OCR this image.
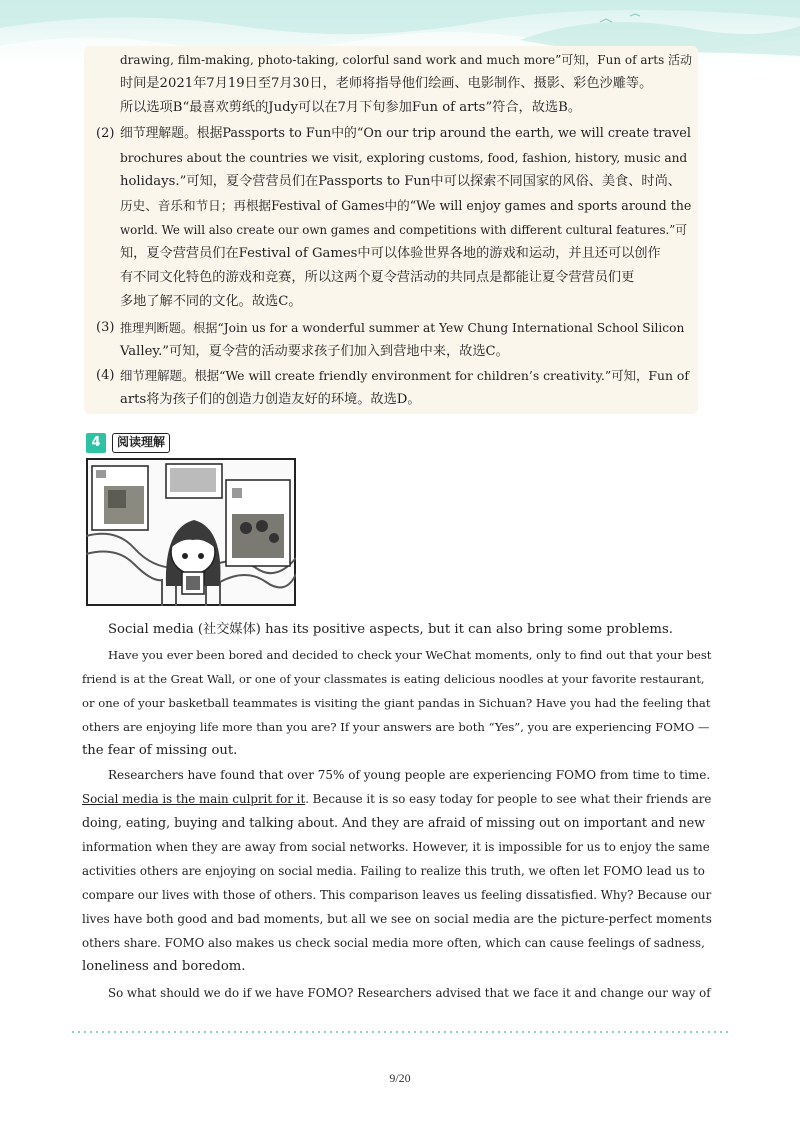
drawing, film-making, photo-taking, colorful sand work and much more”可知，Fun of arts 活动
时间是2021年7月19日至7月30日，老师将指导他们绘画、电影制作、摄影、彩色沙雕等。
所以选项B“最喜欢剪纸的Judy可以在7月下旬参加Fun of arts”符合，故选B。
(2) 细节理解题。根据Passports to Fun中的“On our trip around the earth, we will create travel
brochures about the countries we visit, exploring customs, food, fashion, history, music and
holidays.”可知，夏令营营员们在Passports to Fun中可以探索不同国家的风俗、美食、时尚、
历史、音乐和节日；再根据Festival of Games中的“We will enjoy games and sports around the
world. We will also create our own games and competitions with different cultural features.”可
知，夏令营营员们在Festival of Games中可以体验世界各地的游戏和运动，并且还可以创作
有不同文化特色的游戏和竞赛，所以这两个夏令营活动的共同点是都能让夏令营营员们更
多地了解不同的文化。故选C。
(3) 推理判断题。根据“Join us for a wonderful summer at Yew Chung International School Silicon
Valley.”可知，夏令营的活动要求孩子们加入到营地中来，故选C。
(4) 细节理解题。根据“We will create friendly environment for children’s creativity.”可知，Fun of
arts将为孩子们的创造力创造友好的环境。故选D。
4	阅读理解
Social media (社交媒体) has its positive aspects, but it can also bring some problems.
Have you ever been bored and decided to check your WeChat moments, only to find out that your best
friend is at the Great Wall, or one of your classmates is eating delicious noodles at your favorite restaurant,
or one of your basketball teammates is visiting the giant pandas in Sichuan? Have you had the feeling that
others are enjoying life more than you are? If your answers are both “Yes”, you are experiencing FOMO —
the fear of missing out.
Researchers have found that over 75% of young people are experiencing FOMO from time to time.
Social media is the main culprit for it. Because it is so easy today for people to see what their friends are
doing, eating, buying and talking about. And they are afraid of missing out on important and new
information when they are away from social networks. However, it is impossible for us to enjoy the same
activities others are enjoying on social media. Failing to realize this truth, we often let FOMO lead us to
compare our lives with those of others. This comparison leaves us feeling dissatisfied. Why? Because our
lives have both good and bad moments, but all we see on social media are the picture-perfect moments
others share. FOMO also makes us check social media more often, which can cause feelings of sadness,
loneliness and boredom.
So what should we do if we have FOMO? Researchers advised that we face it and change our way of
9/20
